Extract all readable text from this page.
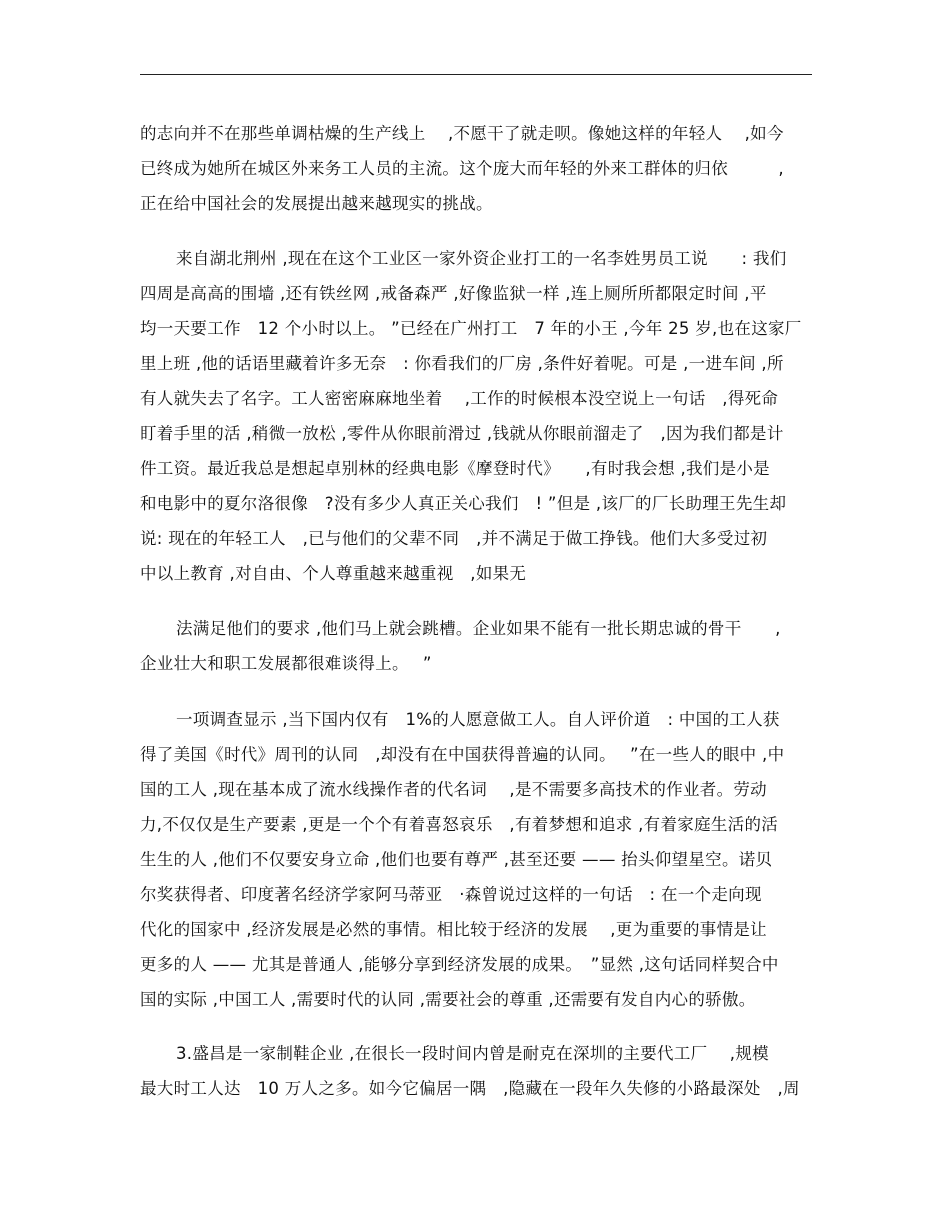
的志向并不在那些单调枯燥的生产线上　 ,不愿干了就走呗。像她这样的年轻人　 ,如今
已终成为她所在城区外来务工人员的主流。这个庞大而年轻的外来工群体的归依　　　,
正在给中国社会的发展提出越来越现实的挑战。
来自湖北荆州 ,现在在这个工业区一家外资企业打工的一名李姓男员工说　　: 我们
四周是高高的围墙 ,还有铁丝网 ,戒备森严 ,好像监狱一样 ,连上厕所所都限定时间 ,平
均一天要工作　12 个小时以上。 ”已经在广州打工　7 年的小王 ,今年 25 岁,也在这家厂
里上班 ,他的话语里藏着许多无奈　: 你看我们的厂房 ,条件好着呢。可是 ,一进车间 ,所
有人就失去了名字。工人密密麻麻地坐着　 ,工作的时候根本没空说上一句话　,得死命
盯着手里的活 ,稍微一放松 ,零件从你眼前滑过 ,钱就从你眼前溜走了　,因为我们都是计
件工资。最近我总是想起卓别林的经典电影《摩登时代》　　,有时我会想 ,我们是小是
和电影中的夏尔洛很像　?没有多少人真正关心我们　! ”但是 ,该厂的厂长助理王先生却
说: 现在的年轻工人　,已与他们的父辈不同　,并不满足于做工挣钱。他们大多受过初
中以上教育 ,对自由、个人尊重越来越重视　,如果无
法满足他们的要求 ,他们马上就会跳槽。企业如果不能有一批长期忠诚的骨干　　,
企业壮大和职工发展都很难谈得上。　 ”
一项调查显示 ,当下国内仅有　1%的人愿意做工人。自人评价道　: 中国的工人获
得了美国《时代》周刊的认同　,却没有在中国获得普遍的认同。　 ”在一些人的眼中 ,中
国的工人 ,现在基本成了流水线操作者的代名词　 ,是不需要多高技术的作业者。劳动
力,不仅仅是生产要素 ,更是一个个有着喜怒哀乐　,有着梦想和追求 ,有着家庭生活的活
生生的人 ,他们不仅要安身立命 ,他们也要有尊严 ,甚至还要 —— 抬头仰望星空。诺贝
尔奖获得者、印度著名经济学家阿马蒂亚　·森曾说过这样的一句话　: 在一个走向现
代化的国家中 ,经济发展是必然的事情。相比较于经济的发展　 ,更为重要的事情是让
更多的人 —— 尤其是普通人 ,能够分享到经济发展的成果。　”显然 ,这句话同样契合中
国的实际 ,中国工人 ,需要时代的认同 ,需要社会的尊重 ,还需要有发自内心的骄傲。
3.盛昌是一家制鞋企业 ,在很长一段时间内曾是耐克在深圳的主要代工厂　 ,规模
最大时工人达　10 万人之多。如今它偏居一隅　,隐藏在一段年久失修的小路最深处　,周
